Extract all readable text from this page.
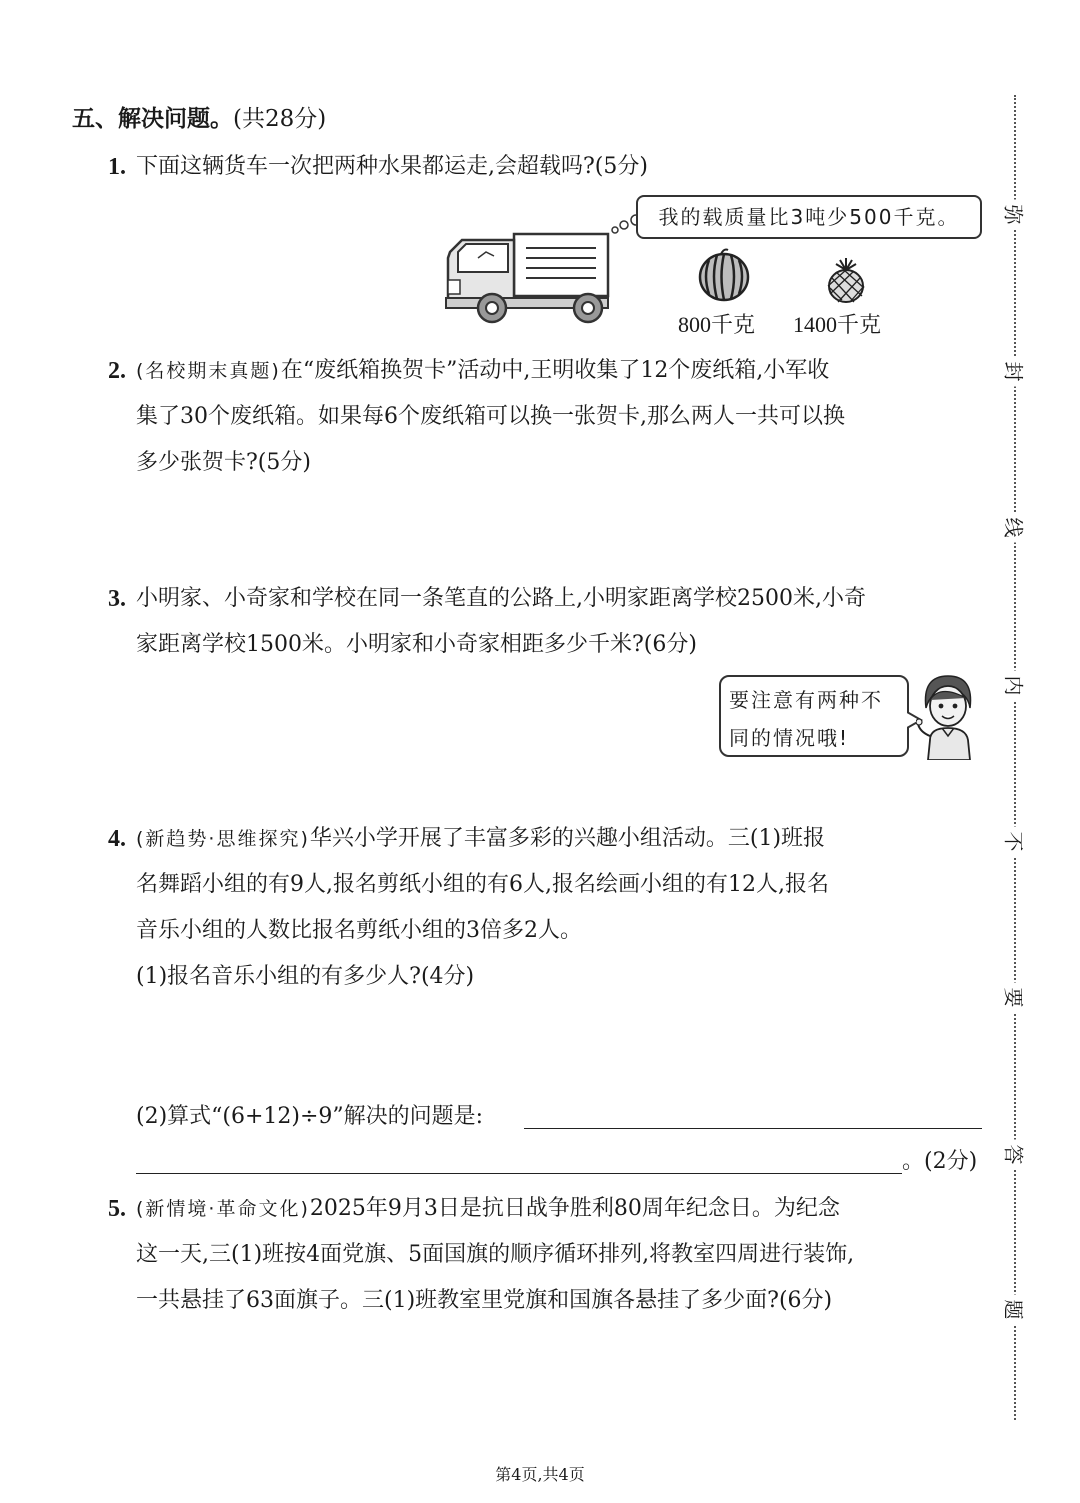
五、解决问题。(共28分)
1. 下面这辆货车一次把两种水果都运走,会超载吗?(5分)
我的载质量比3吨少500千克。
800千克 1400千克
2. (名校期末真题)在“废纸箱换贺卡”活动中,王明收集了12个废纸箱,小军收
集了30个废纸箱。如果每6个废纸箱可以换一张贺卡,那么两人一共可以换
多少张贺卡?(5分)
3. 小明家、小奇家和学校在同一条笔直的公路上,小明家距离学校2500米,小奇
家距离学校1500米。小明家和小奇家相距多少千米?(6分)
要注意有两种不
同的情况哦!
4. (新趋势·思维探究)华兴小学开展了丰富多彩的兴趣小组活动。三(1)班报
名舞蹈小组的有9人,报名剪纸小组的有6人,报名绘画小组的有12人,报名
音乐小组的人数比报名剪纸小组的3倍多2人。
(1)报名音乐小组的有多少人?(4分)
(2)算式“(6+12)÷9”解决的问题是:
。(2分)
5. (新情境·革命文化)2025年9月3日是抗日战争胜利80周年纪念日。为纪念
这一天,三(1)班按4面党旗、5面国旗的顺序循环排列,将教室四周进行装饰,
一共悬挂了63面旗子。三(1)班教室里党旗和国旗各悬挂了多少面?(6分)
弥
封
线
内
不
要
答
题
第4页,共4页
